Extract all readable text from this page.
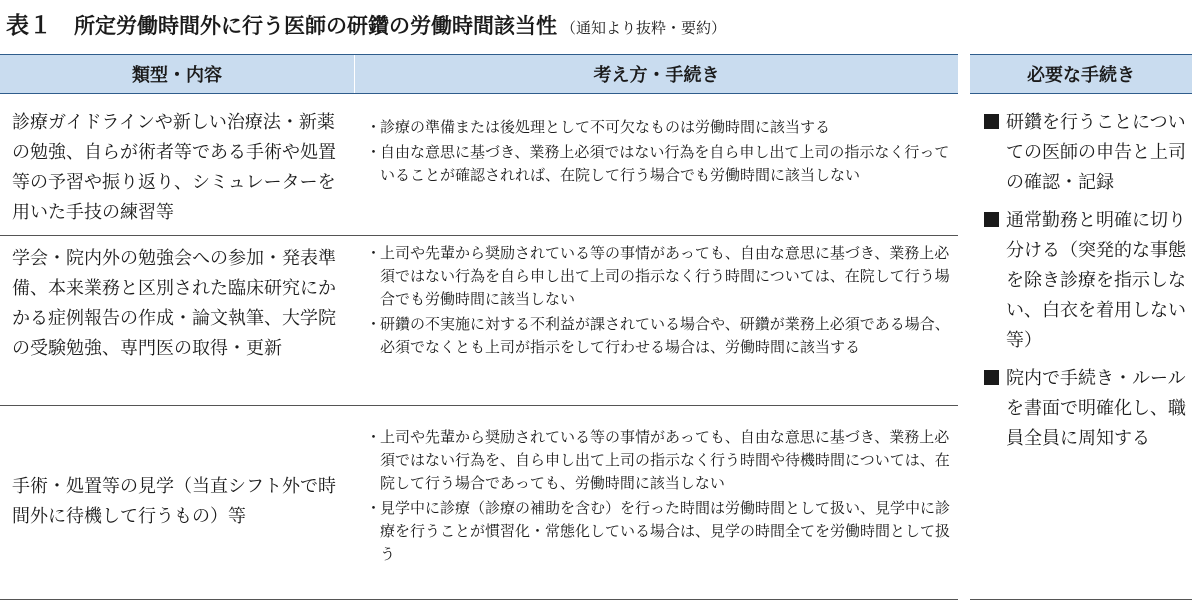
表１ 所定労働時間外に行う医師の研鑽の労働時間該当性 （通知より抜粋・要約）
類型・内容	考え方・手続き	必要な手続き
診療ガイドラインや新しい治療法・新薬の勉強、自らが術者等である手術や処置等の予習や振り返り、シミュレーターを用いた手技の練習等
・ 診療の準備または後処理として不可欠なものは労働時間に該当する
・ 自由な意思に基づき、業務上必須ではない行為を自ら申し出て上司の指示なく行っていることが確認されれば、在院して行う場合でも労働時間に該当しない
学会・院内外の勉強会への参加・発表準備、本来業務と区別された臨床研究にかかる症例報告の作成・論文執筆、大学院の受験勉強、専門医の取得・更新
・ 上司や先輩から奨励されている等の事情があっても、自由な意思に基づき、業務上必須ではない行為を自ら申し出て上司の指示なく行う時間については、在院して行う場合でも労働時間に該当しない
・ 研鑽の不実施に対する不利益が課されている場合や、研鑽が業務上必須である場合、必須でなくとも上司が指示をして行わせる場合は、労働時間に該当する
手術・処置等の見学（当直シフト外で時間外に待機して行うもの）等
・ 上司や先輩から奨励されている等の事情があっても、自由な意思に基づき、業務上必須ではない行為を、自ら申し出て上司の指示なく行う時間や待機時間については、在院して行う場合であっても、労働時間に該当しない
・ 見学中に診療（診療の補助を含む）を行った時間は労働時間として扱い、見学中に診療を行うことが慣習化・常態化している場合は、見学の時間全てを労働時間として扱う
研鑽を行うことについての医師の申告と上司の確認・記録
通常勤務と明確に切り分ける（突発的な事態を除き診療を指示しない、白衣を着用しない等）
院内で手続き・ルールを書面で明確化し、職員全員に周知する
